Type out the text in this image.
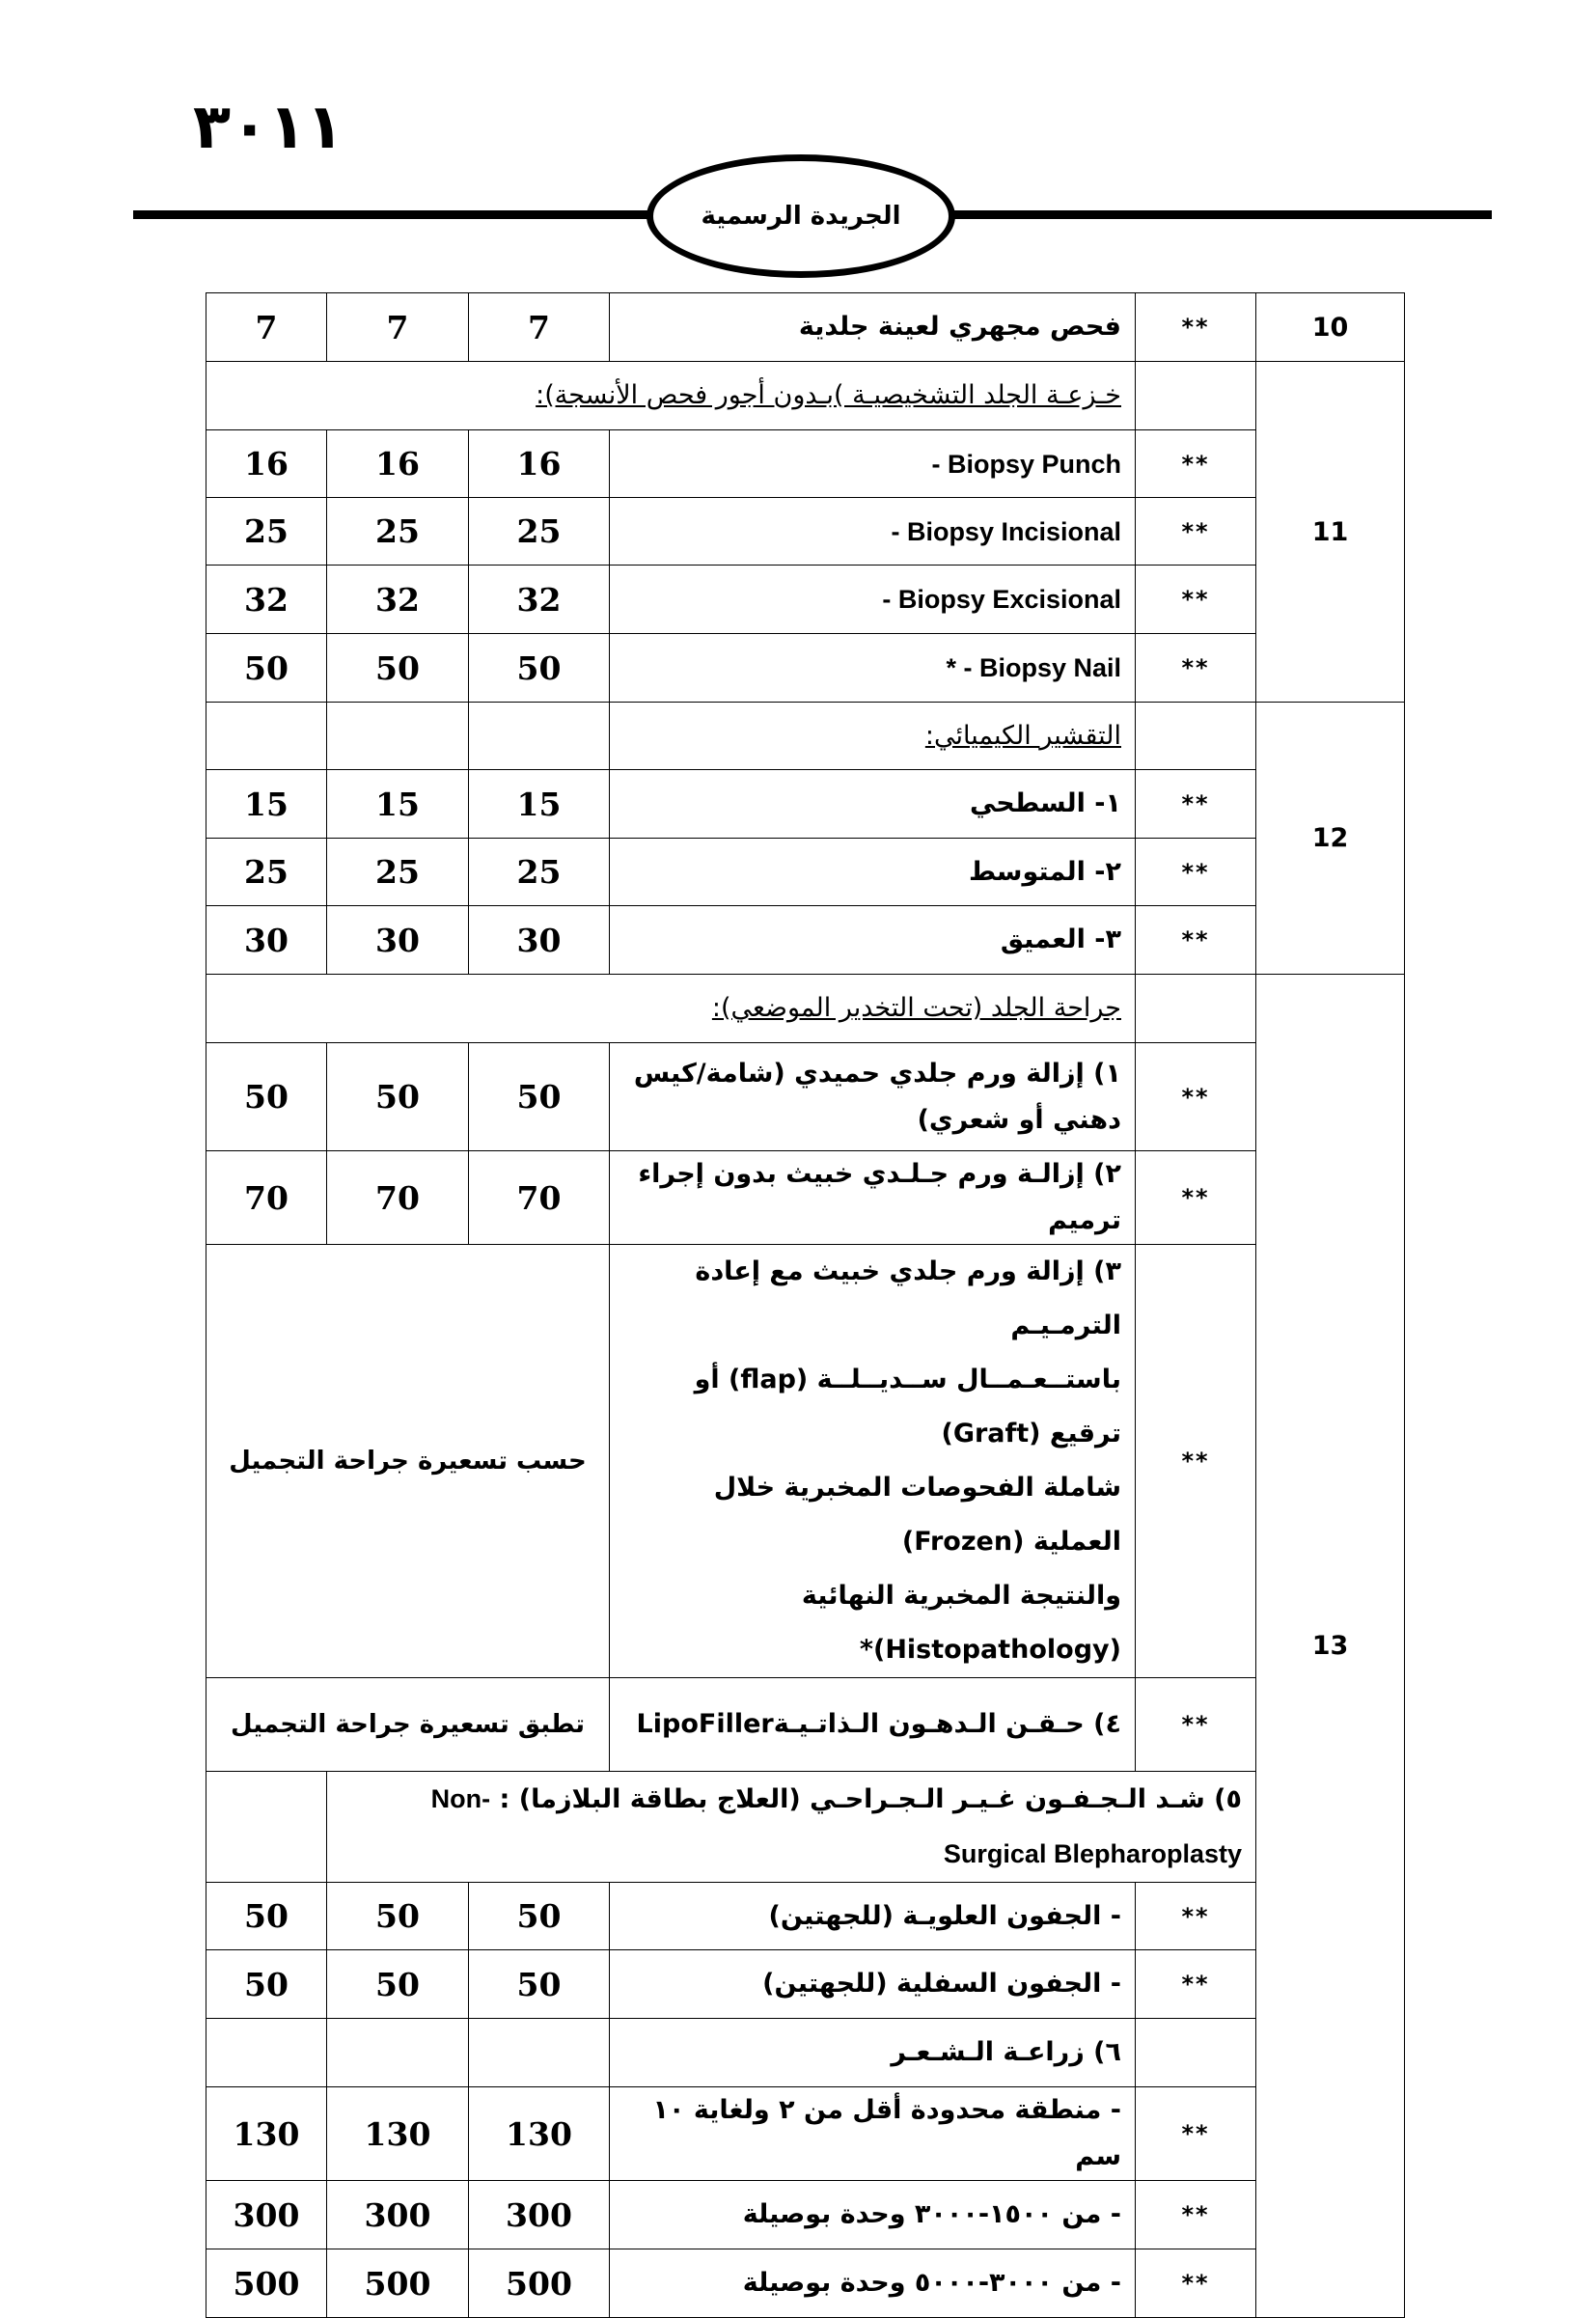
٣٠١١
الجريدة الرسمية
10	**	فحص مجهري لعينة جلدية	7	7	7
11		خـزعـة الجلد التشخيصيـة )بـدون أجور فحص الأنسجة):			
	**	- Biopsy Punch	16	16	16
	**	- Biopsy Incisional	25	25	25
	**	- Biopsy Excisional	32	32	32
	**	* - Biopsy Nail	50	50	50
12		التقشير الكيميائي:			
	**	١- السطحي	15	15	15
	**	٢- المتوسط	25	25	25
	**	٣- العميق	30	30	30
13		جراحة الجلد (تحت التخدير الموضعي):			
	**	١) إزالة ورم جلدي حميدي (شامة/كيس دهني أو شعري)	50	50	50
	**	٢) إزالـة ورم جـلـدي خبيث بدون إجراء ترميم	70	70	70
	**	٣) إزالة ورم جلدي خبيث مع إعادة الترمـيـم
باستــعـمــال ســديــلــة (flap) أو ترقيع (Graft)
شاملة الفحوصات المخبرية خلال العملية (Frozen)
والنتيجة المخبرية النهائية (Histopathology)*	حسب تسعيرة جراحة التجميل		
	**	٤) حـقـن الـدهـون الـذاتـيـةLipoFiller	تطبق تسعيرة جراحة التجميل		

	٥) شـد الـجـفـون غـيـر الـجـراحـي (العلاج بطاقة البلازما) : Non-Surgical Blepharoplasty				

	**	- الجفون العلويـة (للجهتين)	50	50	50
	**	- الجفون السفلية (للجهتين)	50	50	50
		٦) زراعـة الـشـعـر			
	**	- منطقة محدودة أقل من ٢ ولغاية ١٠ سم	130	130	130
	**	- من ١٥٠٠-٣٠٠٠ وحدة بوصيلة	300	300	300
	**	- من ٣٠٠٠-٥٠٠٠ وحدة بوصيلة	500	500	500
